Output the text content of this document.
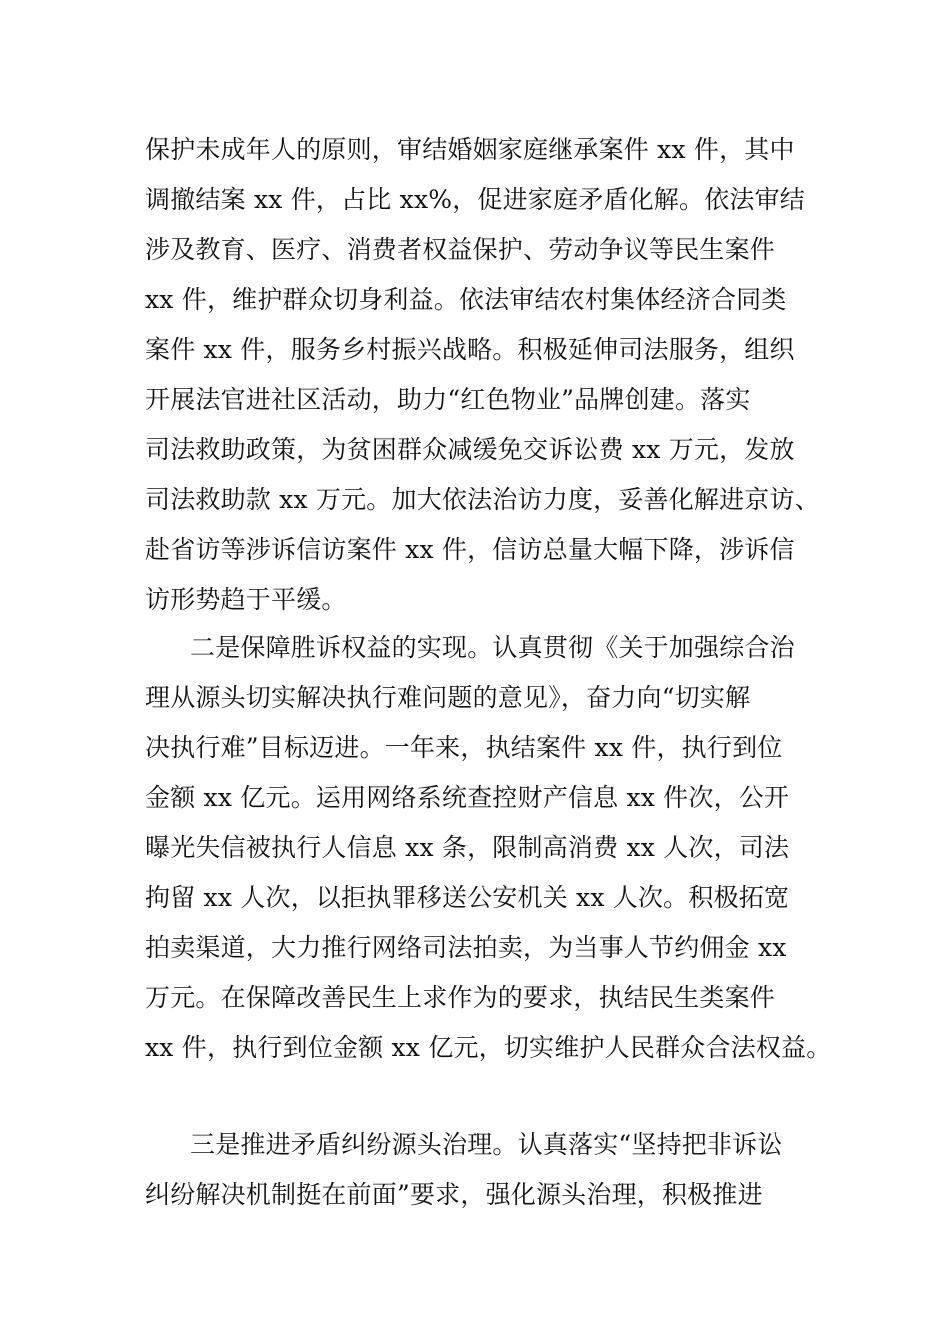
保护未成年人的原则，审结婚姻家庭继承案件 xx 件，其中
调撤结案 xx 件，占比 xx%，促进家庭矛盾化解。依法审结
涉及教育、医疗、消费者权益保护、劳动争议等民生案件
xx 件，维护群众切身利益。依法审结农村集体经济合同类
案件 xx 件，服务乡村振兴战略。积极延伸司法服务，组织
开展法官进社区活动，助力“红色物业”品牌创建。落实
司法救助政策，为贫困群众减缓免交诉讼费 xx 万元，发放
司法救助款 xx 万元。加大依法治访力度，妥善化解进京访、
赴省访等涉诉信访案件 xx 件，信访总量大幅下降，涉诉信
访形势趋于平缓。
二是保障胜诉权益的实现。认真贯彻《关于加强综合治
理从源头切实解决执行难问题的意见》，奋力向“切实解
决执行难”目标迈进。一年来，执结案件 xx 件，执行到位
金额 xx 亿元。运用网络系统查控财产信息 xx 件次，公开
曝光失信被执行人信息 xx 条，限制高消费 xx 人次，司法
拘留 xx 人次，以拒执罪移送公安机关 xx 人次。积极拓宽
拍卖渠道，大力推行网络司法拍卖，为当事人节约佣金 xx
万元。在保障改善民生上求作为的要求，执结民生类案件
xx 件，执行到位金额 xx 亿元，切实维护人民群众合法权益。
三是推进矛盾纠纷源头治理。认真落实“坚持把非诉讼
纠纷解决机制挺在前面”要求，强化源头治理，积极推进
